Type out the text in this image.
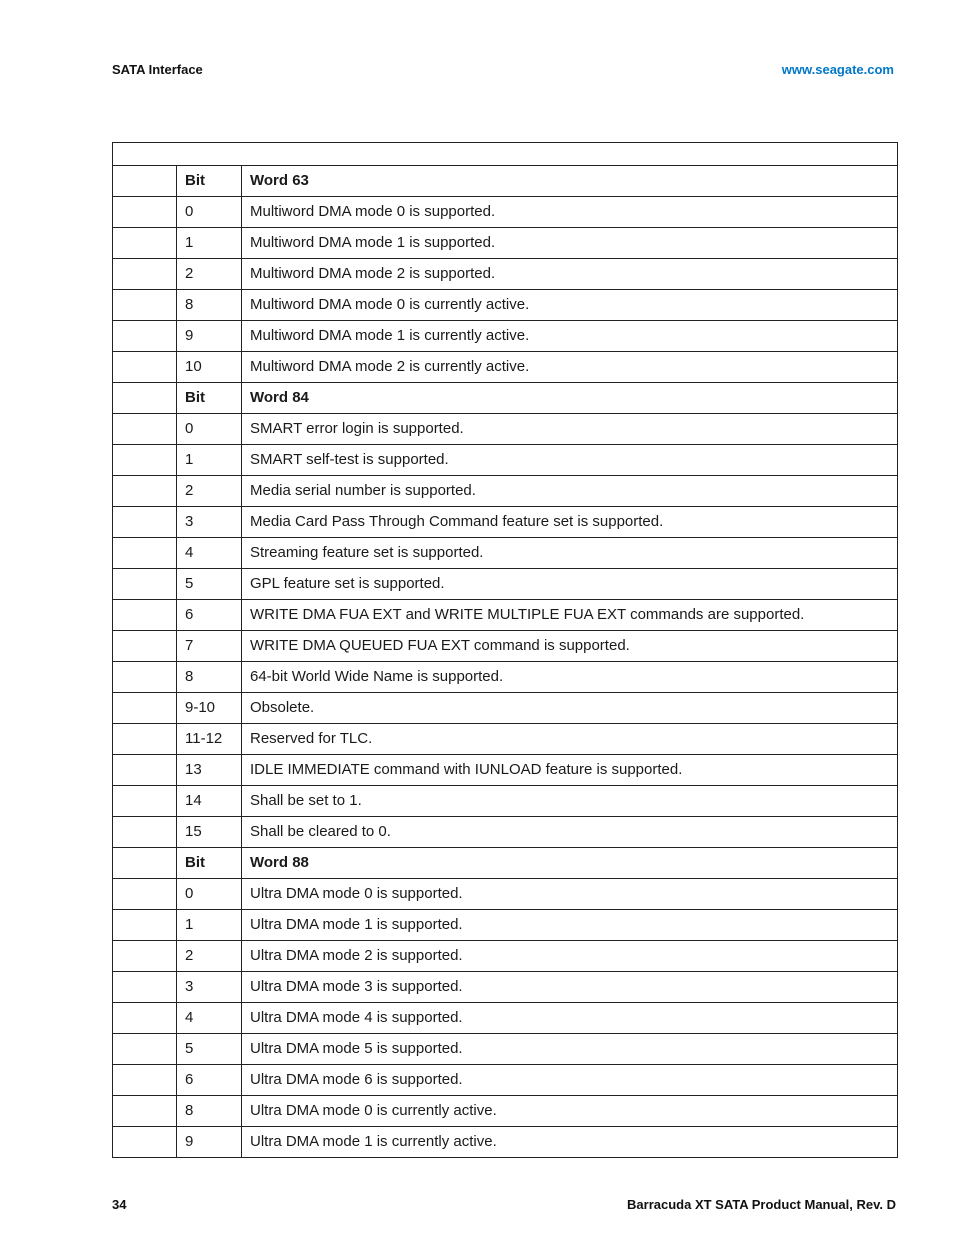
SATA Interface	www.seagate.com

	Bit	Word 63
	0	Multiword DMA mode 0 is supported.
	1	Multiword DMA mode 1 is supported.
	2	Multiword DMA mode 2 is supported.
	8	Multiword DMA mode 0 is currently active.
	9	Multiword DMA mode 1 is currently active.
	10	Multiword DMA mode 2 is currently active.
	Bit	Word 84
	0	SMART error login is supported.
	1	SMART self-test is supported.
	2	Media serial number is supported.
	3	Media Card Pass Through Command feature set is supported.
	4	Streaming feature set is supported.
	5	GPL feature set is supported.
	6	WRITE DMA FUA EXT and WRITE MULTIPLE FUA EXT commands are supported.
	7	WRITE DMA QUEUED FUA EXT command is supported.
	8	64-bit World Wide Name is supported.
	9-10	Obsolete.
	11-12	Reserved for TLC.
	13	IDLE IMMEDIATE command with IUNLOAD feature is supported.
	14	Shall be set to 1.
	15	Shall be cleared to 0.
	Bit	Word 88
	0	Ultra DMA mode 0 is supported.
	1	Ultra DMA mode 1 is supported.
	2	Ultra DMA mode 2 is supported.
	3	Ultra DMA mode 3 is supported.
	4	Ultra DMA mode 4 is supported.
	5	Ultra DMA mode 5 is supported.
	6	Ultra DMA mode 6 is supported.
	8	Ultra DMA mode 0 is currently active.
	9	Ultra DMA mode 1 is currently active.
34	Barracuda XT SATA Product Manual, Rev. D
